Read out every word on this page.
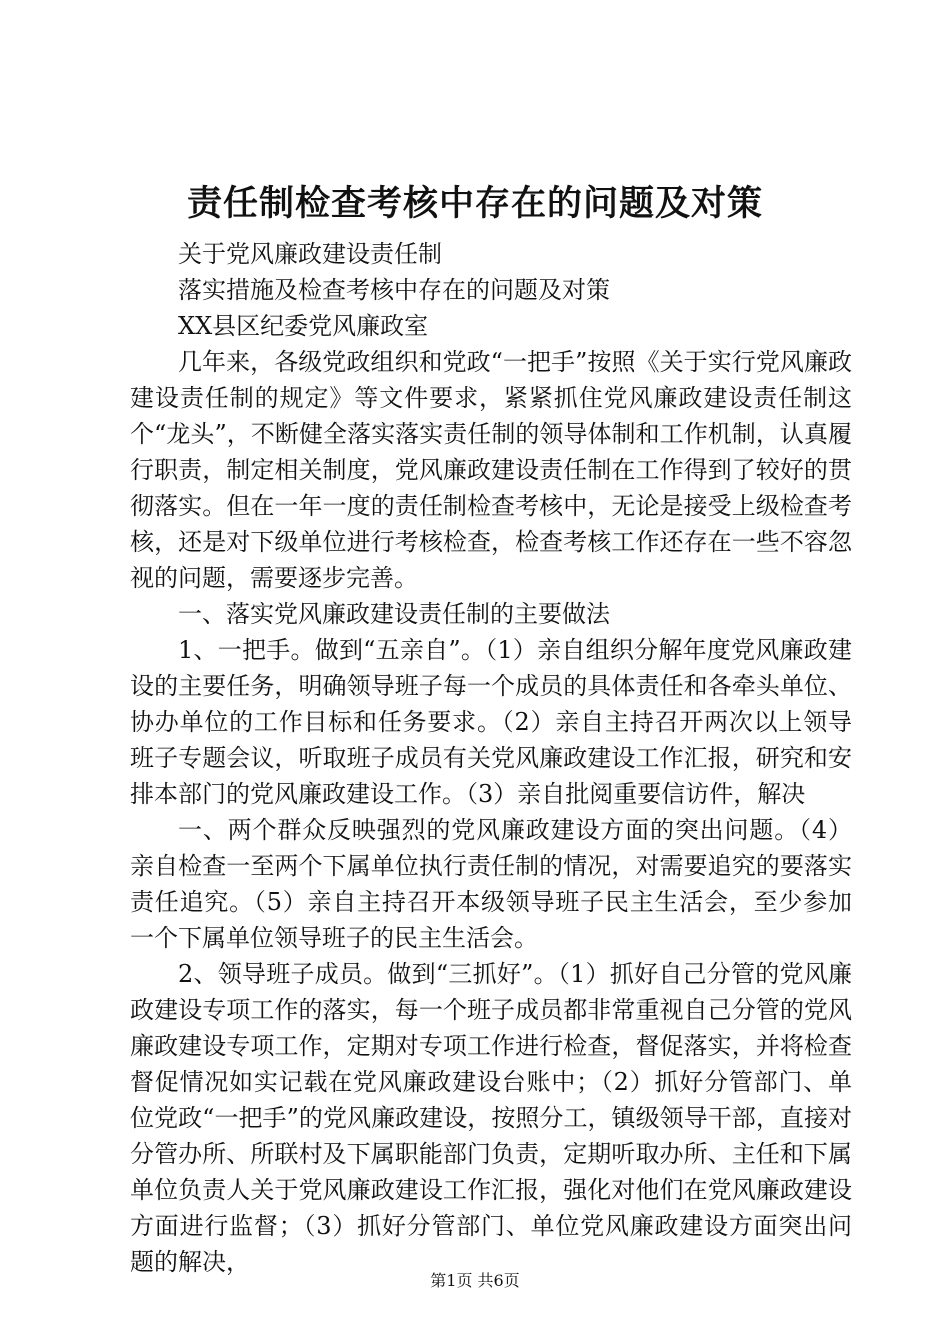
责任制检查考核中存在的问题及对策

关于党风廉政建设责任制

落实措施及检查考核中存在的问题及对策

XX县区纪委党风廉政室

几年来，各级党政组织和党政“一把手”按照《关于实行党风廉政建设责任制的规定》等文件要求，紧紧抓住党风廉政建设责任制这个“龙头”，不断健全落实落实责任制的领导体制和工作机制，认真履行职责，制定相关制度，党风廉政建设责任制在工作得到了较好的贯彻落实。但在一年一度的责任制检查考核中，无论是接受上级检查考核，还是对下级单位进行考核检查，检查考核工作还存在一些不容忽视的问题，需要逐步完善。

一、落实党风廉政建设责任制的主要做法

1、一把手。做到“五亲自”。（1）亲自组织分解年度党风廉政建设的主要任务，明确领导班子每一个成员的具体责任和各牵头单位、协办单位的工作目标和任务要求。（2）亲自主持召开两次以上领导班子专题会议，听取班子成员有关党风廉政建设工作汇报，研究和安排本部门的党风廉政建设工作。（3）亲自批阅重要信访件，解决

一、两个群众反映强烈的党风廉政建设方面的突出问题。（4）亲自检查一至两个下属单位执行责任制的情况，对需要追究的要落实责任追究。（5）亲自主持召开本级领导班子民主生活会，至少参加一个下属单位领导班子的民主生活会。

2、领导班子成员。做到“三抓好”。（1）抓好自己分管的党风廉政建设专项工作的落实，每一个班子成员都非常重视自己分管的党风廉政建设专项工作，定期对专项工作进行检查，督促落实，并将检查督促情况如实记载在党风廉政建设台账中；（2）抓好分管部门、单位党政“一把手”的党风廉政建设，按照分工，镇级领导干部，直接对分管办所、所联村及下属职能部门负责，定期听取办所、主任和下属单位负责人关于党风廉政建设工作汇报，强化对他们在党风廉政建设方面进行监督；（3）抓好分管部门、单位党风廉政建设方面突出问题的解决，

第1页 共6页
